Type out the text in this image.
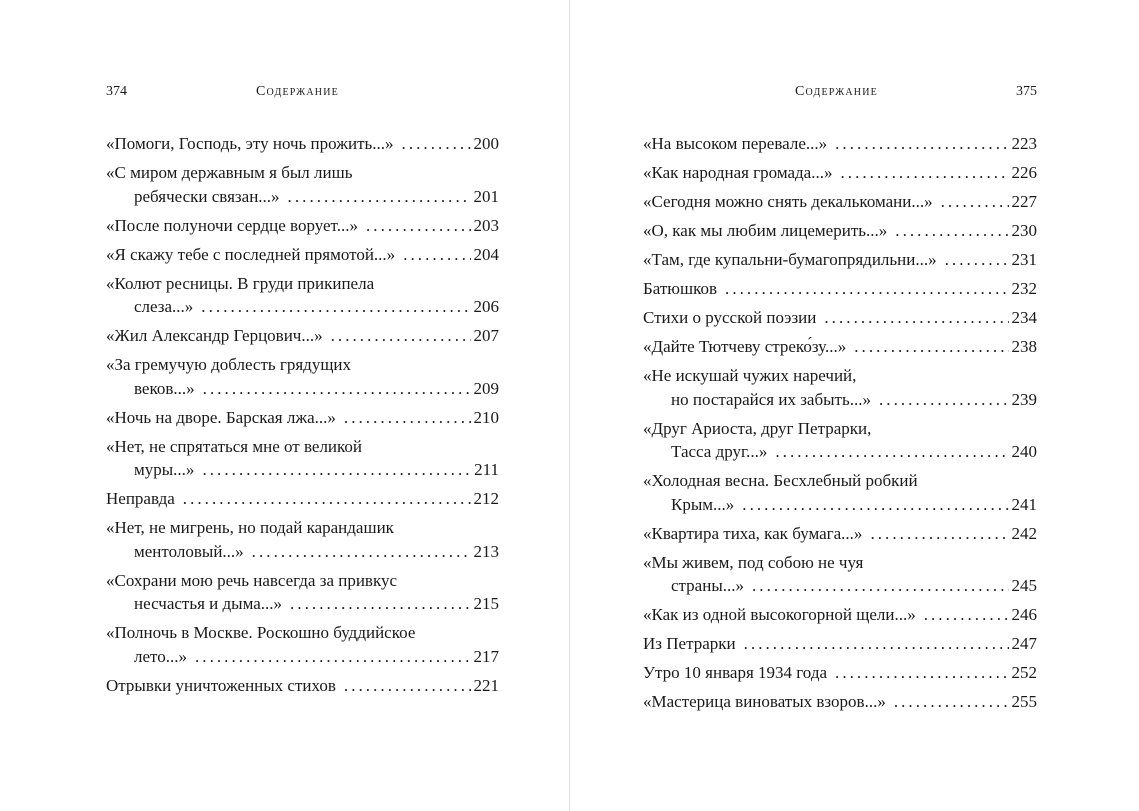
374	Содержание
«Помоги, Господь, эту ночь прожить...» . . .	200
«С миром державным я был лишь
ребячески связан...» . . .	201
«После полуночи сердце ворует...» . . .	203
«Я скажу тебе с последней прямотой...» . . .	204
«Колют ресницы. В груди прикипела
слеза...» . . .	206
«Жил Александр Герцович...» . . .	207
«За гремучую доблесть грядущих
веков...» . . .	209
«Ночь на дворе. Барская лжа...» . . .	210
«Нет, не спрятаться мне от великой
муры...» . . .	211
Неправда . . .	212
«Нет, не мигрень, но подай карандашик
ментоловый...» . . .	213
«Сохрани мою речь навсегда за привкус
несчастья и дыма...» . . .	215
«Полночь в Москве. Роскошно буддийское
лето...» . . .	217
Отрывки уничтоженных стихов . . .	221
Содержание	375
«На высоком перевале...» . . .	223
«Как народная громада...» . . .	226
«Сегодня можно снять декалькомани...» . . .	227
«О, как мы любим лицемерить...» . . .	230
«Там, где купальни-бумагопрядильни...» . . .	231
Батюшков . . .	232
Стихи о русской поэзии . . .	234
«Дайте Тютчеву стреко́зу...» . . .	238
«Не искушай чужих наречий,
но постарайся их забыть...» . . .	239
«Друг Ариоста, друг Петрарки,
Тасса друг...» . . .	240
«Холодная весна. Бесхлебный робкий
Крым...» . . .	241
«Квартира тиха, как бумага...» . . .	242
«Мы живем, под собою не чуя
страны...» . . .	245
«Как из одной высокогорной щели...» . . .	246
Из Петрарки . . .	247
Утро 10 января 1934 года . . .	252
«Мастерица виноватых взоров...» . . .	255
